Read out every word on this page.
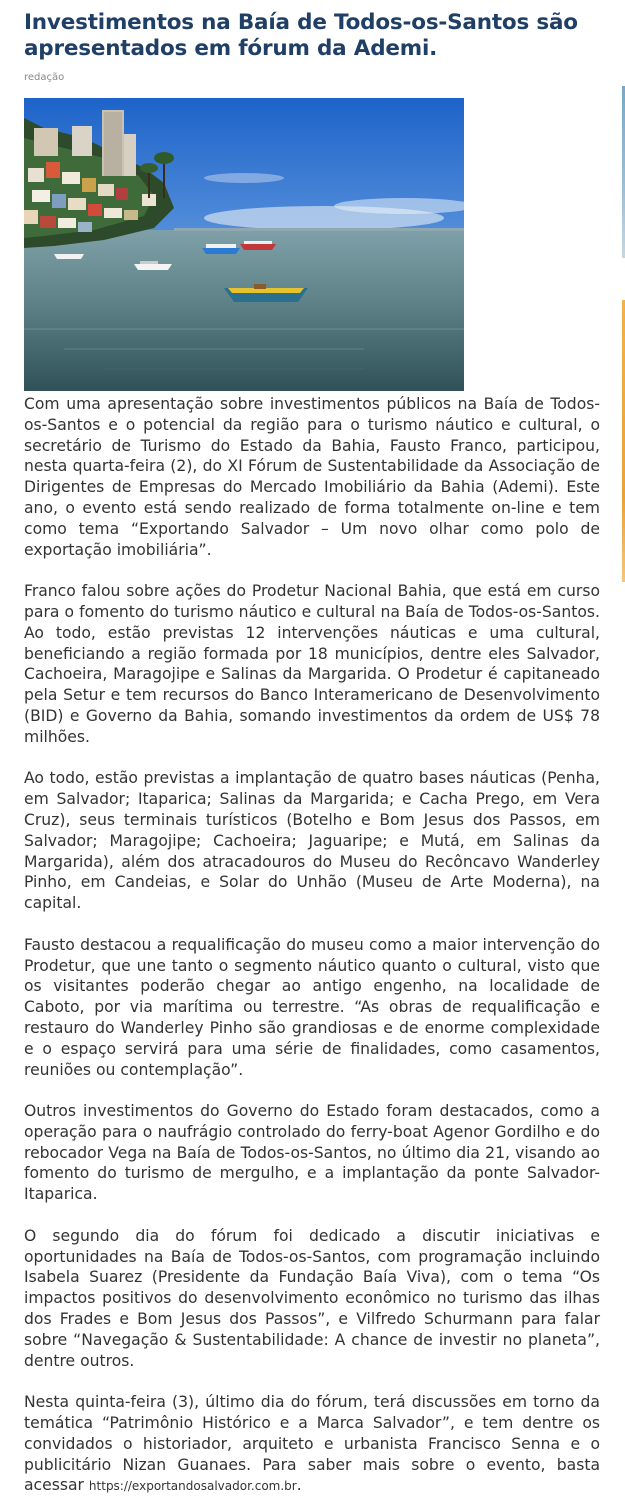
Investimentos na Baía de Todos-os-Santos são apresentados em fórum da Ademi.
redação

Com uma apresentação sobre investimentos públicos na Baía de Todos-os-Santos e o potencial da região para o turismo náutico e cultural, o secretário de Turismo do Estado da Bahia, Fausto Franco, participou, nesta quarta-feira (2), do XI Fórum de Sustentabilidade da Associação de Dirigentes de Empresas do Mercado Imobiliário da Bahia (Ademi). Este ano, o evento está sendo realizado de forma totalmente on-line e tem como tema “Exportando Salvador – Um novo olhar como polo de exportação imobiliária”.

Franco falou sobre ações do Prodetur Nacional Bahia, que está em curso para o fomento do turismo náutico e cultural na Baía de Todos-os-Santos. Ao todo, estão previstas 12 intervenções náuticas e uma cultural, beneficiando a região formada por 18 municípios, dentre eles Salvador, Cachoeira, Maragojipe e Salinas da Margarida. O Prodetur é capitaneado pela Setur e tem recursos do Banco Interamericano de Desenvolvimento (BID) e Governo da Bahia, somando investimentos da ordem de US$ 78 milhões.

Ao todo, estão previstas a implantação de quatro bases náuticas (Penha, em Salvador; Itaparica; Salinas da Margarida; e Cacha Prego, em Vera Cruz), seus terminais turísticos (Botelho e Bom Jesus dos Passos, em Salvador; Maragojipe; Cachoeira; Jaguaripe; e Mutá, em Salinas da Margarida), além dos atracadouros do Museu do Recôncavo Wanderley Pinho, em Candeias, e Solar do Unhão (Museu de Arte Moderna), na capital.

Fausto destacou a requalificação do museu como a maior intervenção do Prodetur, que une tanto o segmento náutico quanto o cultural, visto que os visitantes poderão chegar ao antigo engenho, na localidade de Caboto, por via marítima ou terrestre. “As obras de requalificação e restauro do Wanderley Pinho são grandiosas e de enorme complexidade e o espaço servirá para uma série de finalidades, como casamentos, reuniões ou contemplação”.

Outros investimentos do Governo do Estado foram destacados, como a operação para o naufrágio controlado do ferry-boat Agenor Gordilho e do rebocador Vega na Baía de Todos-os-Santos, no último dia 21, visando ao fomento do turismo de mergulho, e a implantação da ponte Salvador-Itaparica.

O segundo dia do fórum foi dedicado a discutir iniciativas e oportunidades na Baía de Todos-os-Santos, com programação incluindo Isabela Suarez (Presidente da Fundação Baía Viva), com o tema “Os impactos positivos do desenvolvimento econômico no turismo das ilhas dos Frades e Bom Jesus dos Passos”, e Vilfredo Schurmann para falar sobre “Navegação & Sustentabilidade: A chance de investir no planeta”, dentre outros.

Nesta quinta-feira (3), último dia do fórum, terá discussões em torno da temática “Patrimônio Histórico e a Marca Salvador”, e tem dentre os convidados o historiador, arquiteto e urbanista Francisco Senna e o publicitário Nizan Guanaes. Para saber mais sobre o evento, basta acessar https://exportandosalvador.com.br.
